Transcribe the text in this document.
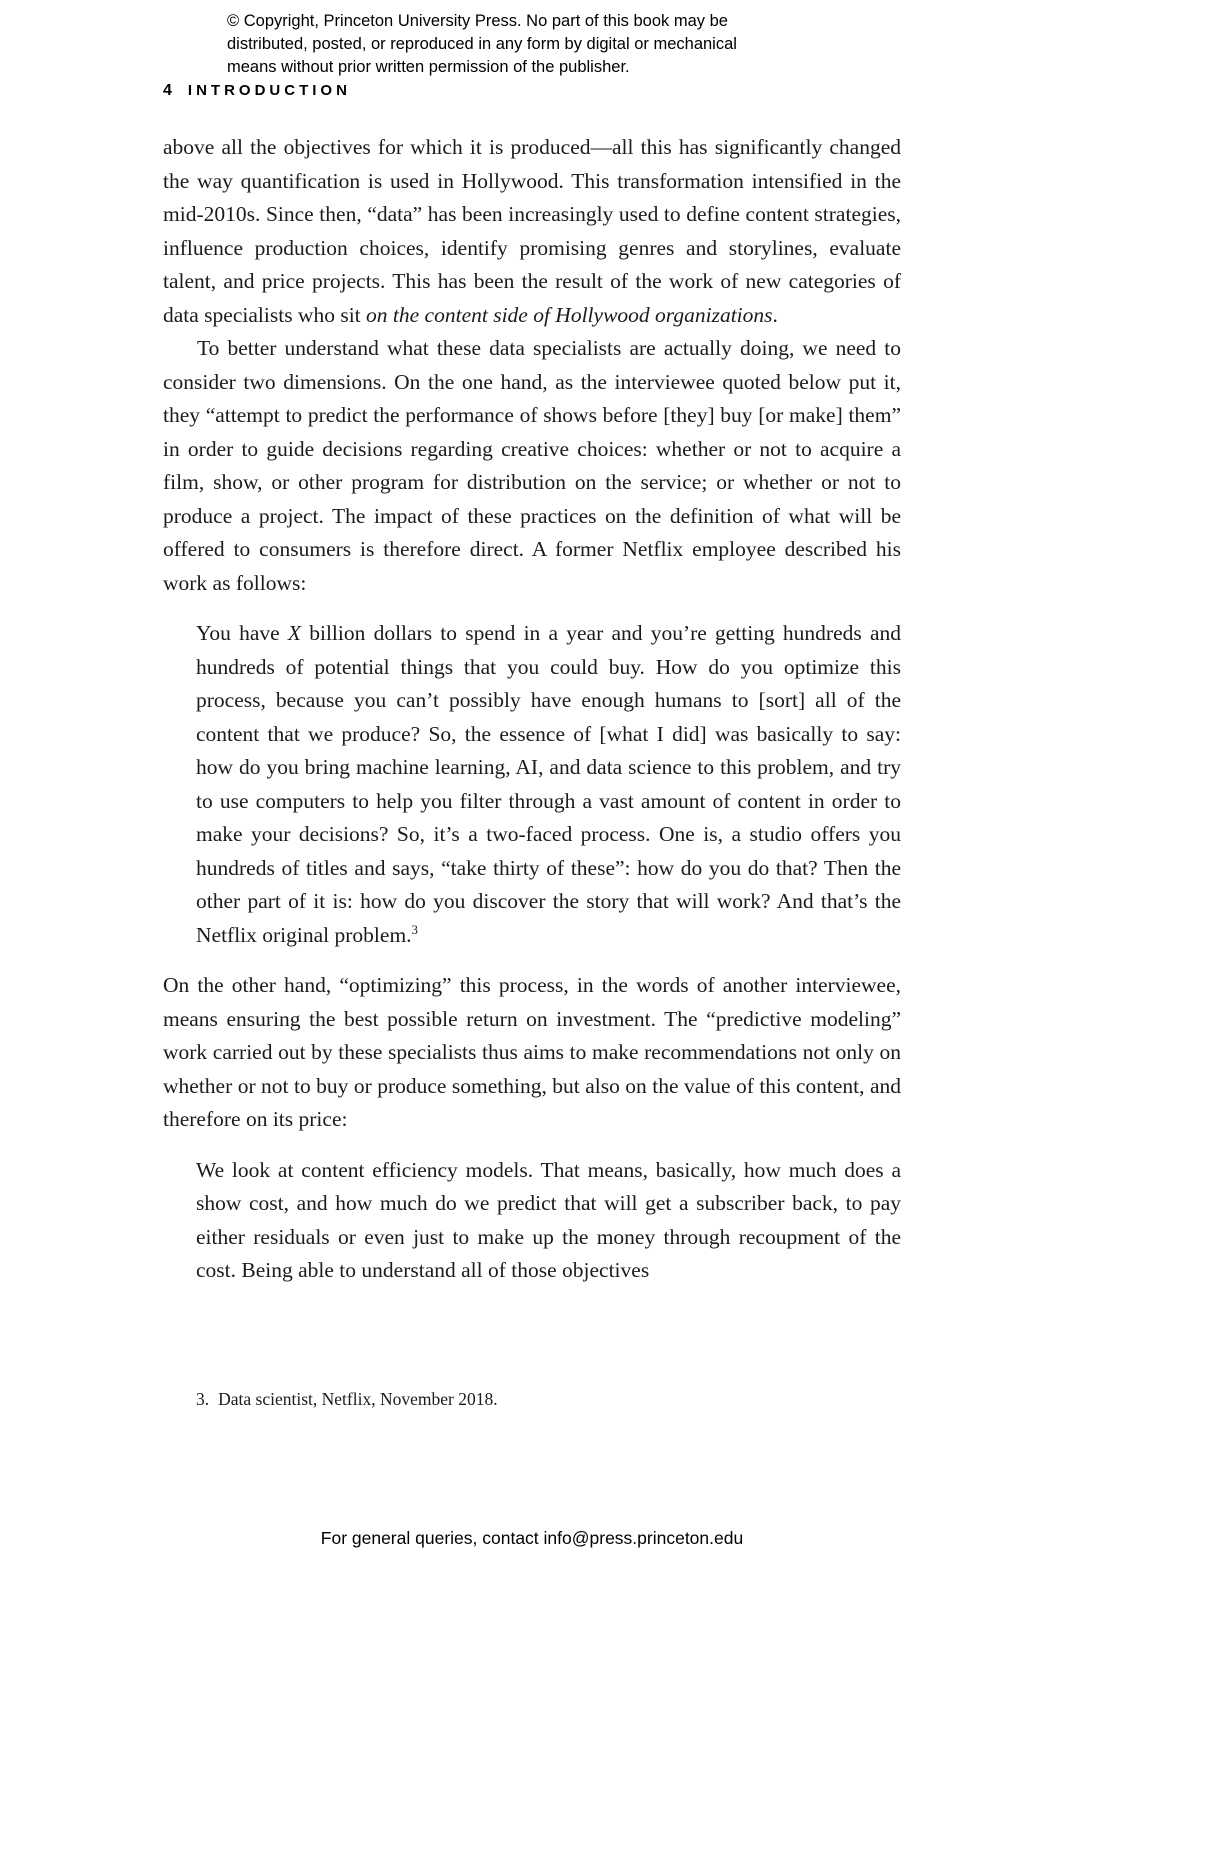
© Copyright, Princeton University Press. No part of this book may be
distributed, posted, or reproduced in any form by digital or mechanical
means without prior written permission of the publisher.
4 INTRODUCTION

above all the objectives for which it is produced—all this has significantly changed the way quantification is used in Hollywood. This transformation intensified in the mid-2010s. Since then, “data” has been increasingly used to define content strategies, influence production choices, identify promising genres and storylines, evaluate talent, and price projects. This has been the result of the work of new categories of data specialists who sit on the content side of Hollywood organizations.

To better understand what these data specialists are actually doing, we need to consider two dimensions. On the one hand, as the interviewee quoted below put it, they “attempt to predict the performance of shows before [they] buy [or make] them” in order to guide decisions regarding creative choices: whether or not to acquire a film, show, or other program for distribution on the service; or whether or not to produce a project. The impact of these practices on the definition of what will be offered to consumers is therefore direct. A former Netflix employee described his work as follows:

You have X billion dollars to spend in a year and you’re getting hundreds and hundreds of potential things that you could buy. How do you optimize this process, because you can’t possibly have enough humans to [sort] all of the content that we produce? So, the essence of [what I did] was basically to say: how do you bring machine learning, AI, and data science to this problem, and try to use computers to help you filter through a vast amount of content in order to make your decisions? So, it’s a two-faced process. One is, a studio offers you hundreds of titles and says, “take thirty of these”: how do you do that? Then the other part of it is: how do you discover the story that will work? And that’s the Netflix original problem.$^3$

On the other hand, “optimizing” this process, in the words of another interviewee, means ensuring the best possible return on investment. The “predictive modeling” work carried out by these specialists thus aims to make recommendations not only on whether or not to buy or produce something, but also on the value of this content, and therefore on its price:

We look at content efficiency models. That means, basically, how much does a show cost, and how much do we predict that will get a subscriber back, to pay either residuals or even just to make up the money through recoupment of the cost. Being able to understand all of those objectives

3. Data scientist, Netflix, November 2018.
For general queries, contact info@press.princeton.edu
